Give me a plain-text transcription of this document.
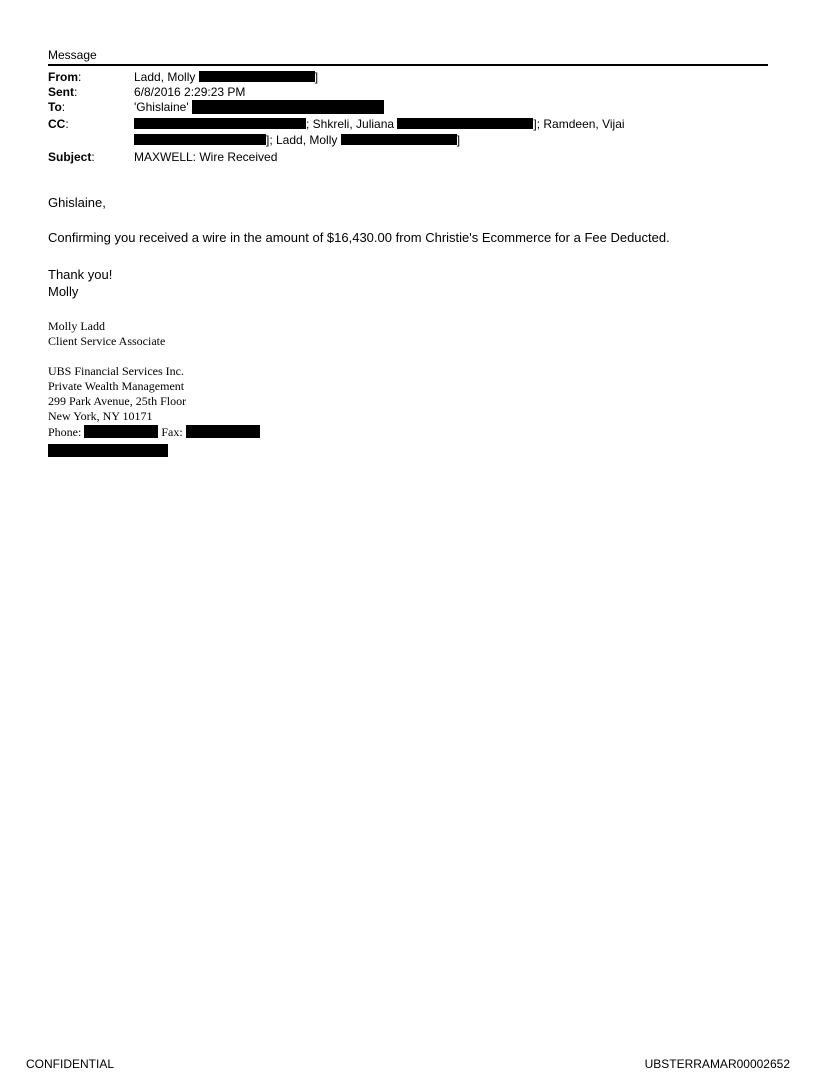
Message
From:	Ladd, Molly	]
Sent:	6/8/2016 2:29:23 PM
To:	'Ghislaine'
CC:	; Shkreli, Juliana	]; Ramdeen, Vijai
]; Ladd, Molly	]
Subject:	MAXWELL: Wire Received
Ghislaine,
Confirming you received a wire in the amount of $16,430.00 from Christie's Ecommerce for a Fee Deducted.
Thank you!
Molly
Molly Ladd
Client Service Associate
UBS Financial Services Inc.
Private Wealth Management
299 Park Avenue, 25th Floor
New York, NY 10171
Phone:	Fax:
CONFIDENTIAL	UBSTERRAMAR00002652
